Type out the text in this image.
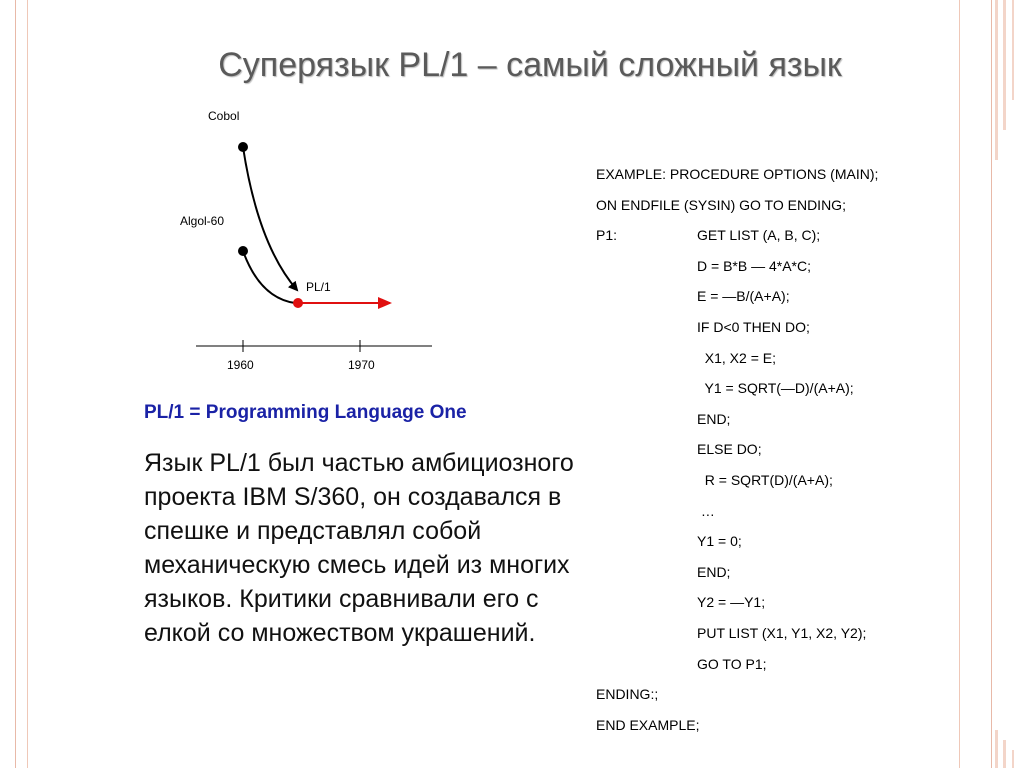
Суперязык PL/1 – самый сложный язык
Cobol
Algol-60
PL/1
1960	1970
PL/1 = Programming Language One
Язык PL/1 был частью амбициозного проекта IBM S/360, он создавался в спешке и представлял собой механическую смесь идей из многих языков. Критики сравнивали его с елкой со множеством украшений.
EXAMPLE: PROCEDURE OPTIONS (MAIN);
ON ENDFILE (SYSIN) GO TO ENDING;
P1:	GET LIST (A, B, C);
D = B*B — 4*A*C;
E = —B/(A+A);
IF D<0 THEN DO;
X1, X2 = E;
Y1 = SQRT(—D)/(A+A);
END;
ELSE DO;
R = SQRT(D)/(A+A);
…
Y1 = 0;
END;
Y2 = —Y1;
PUT LIST (X1, Y1, X2, Y2);
GO TO P1;
ENDING:;
END EXAMPLE;
